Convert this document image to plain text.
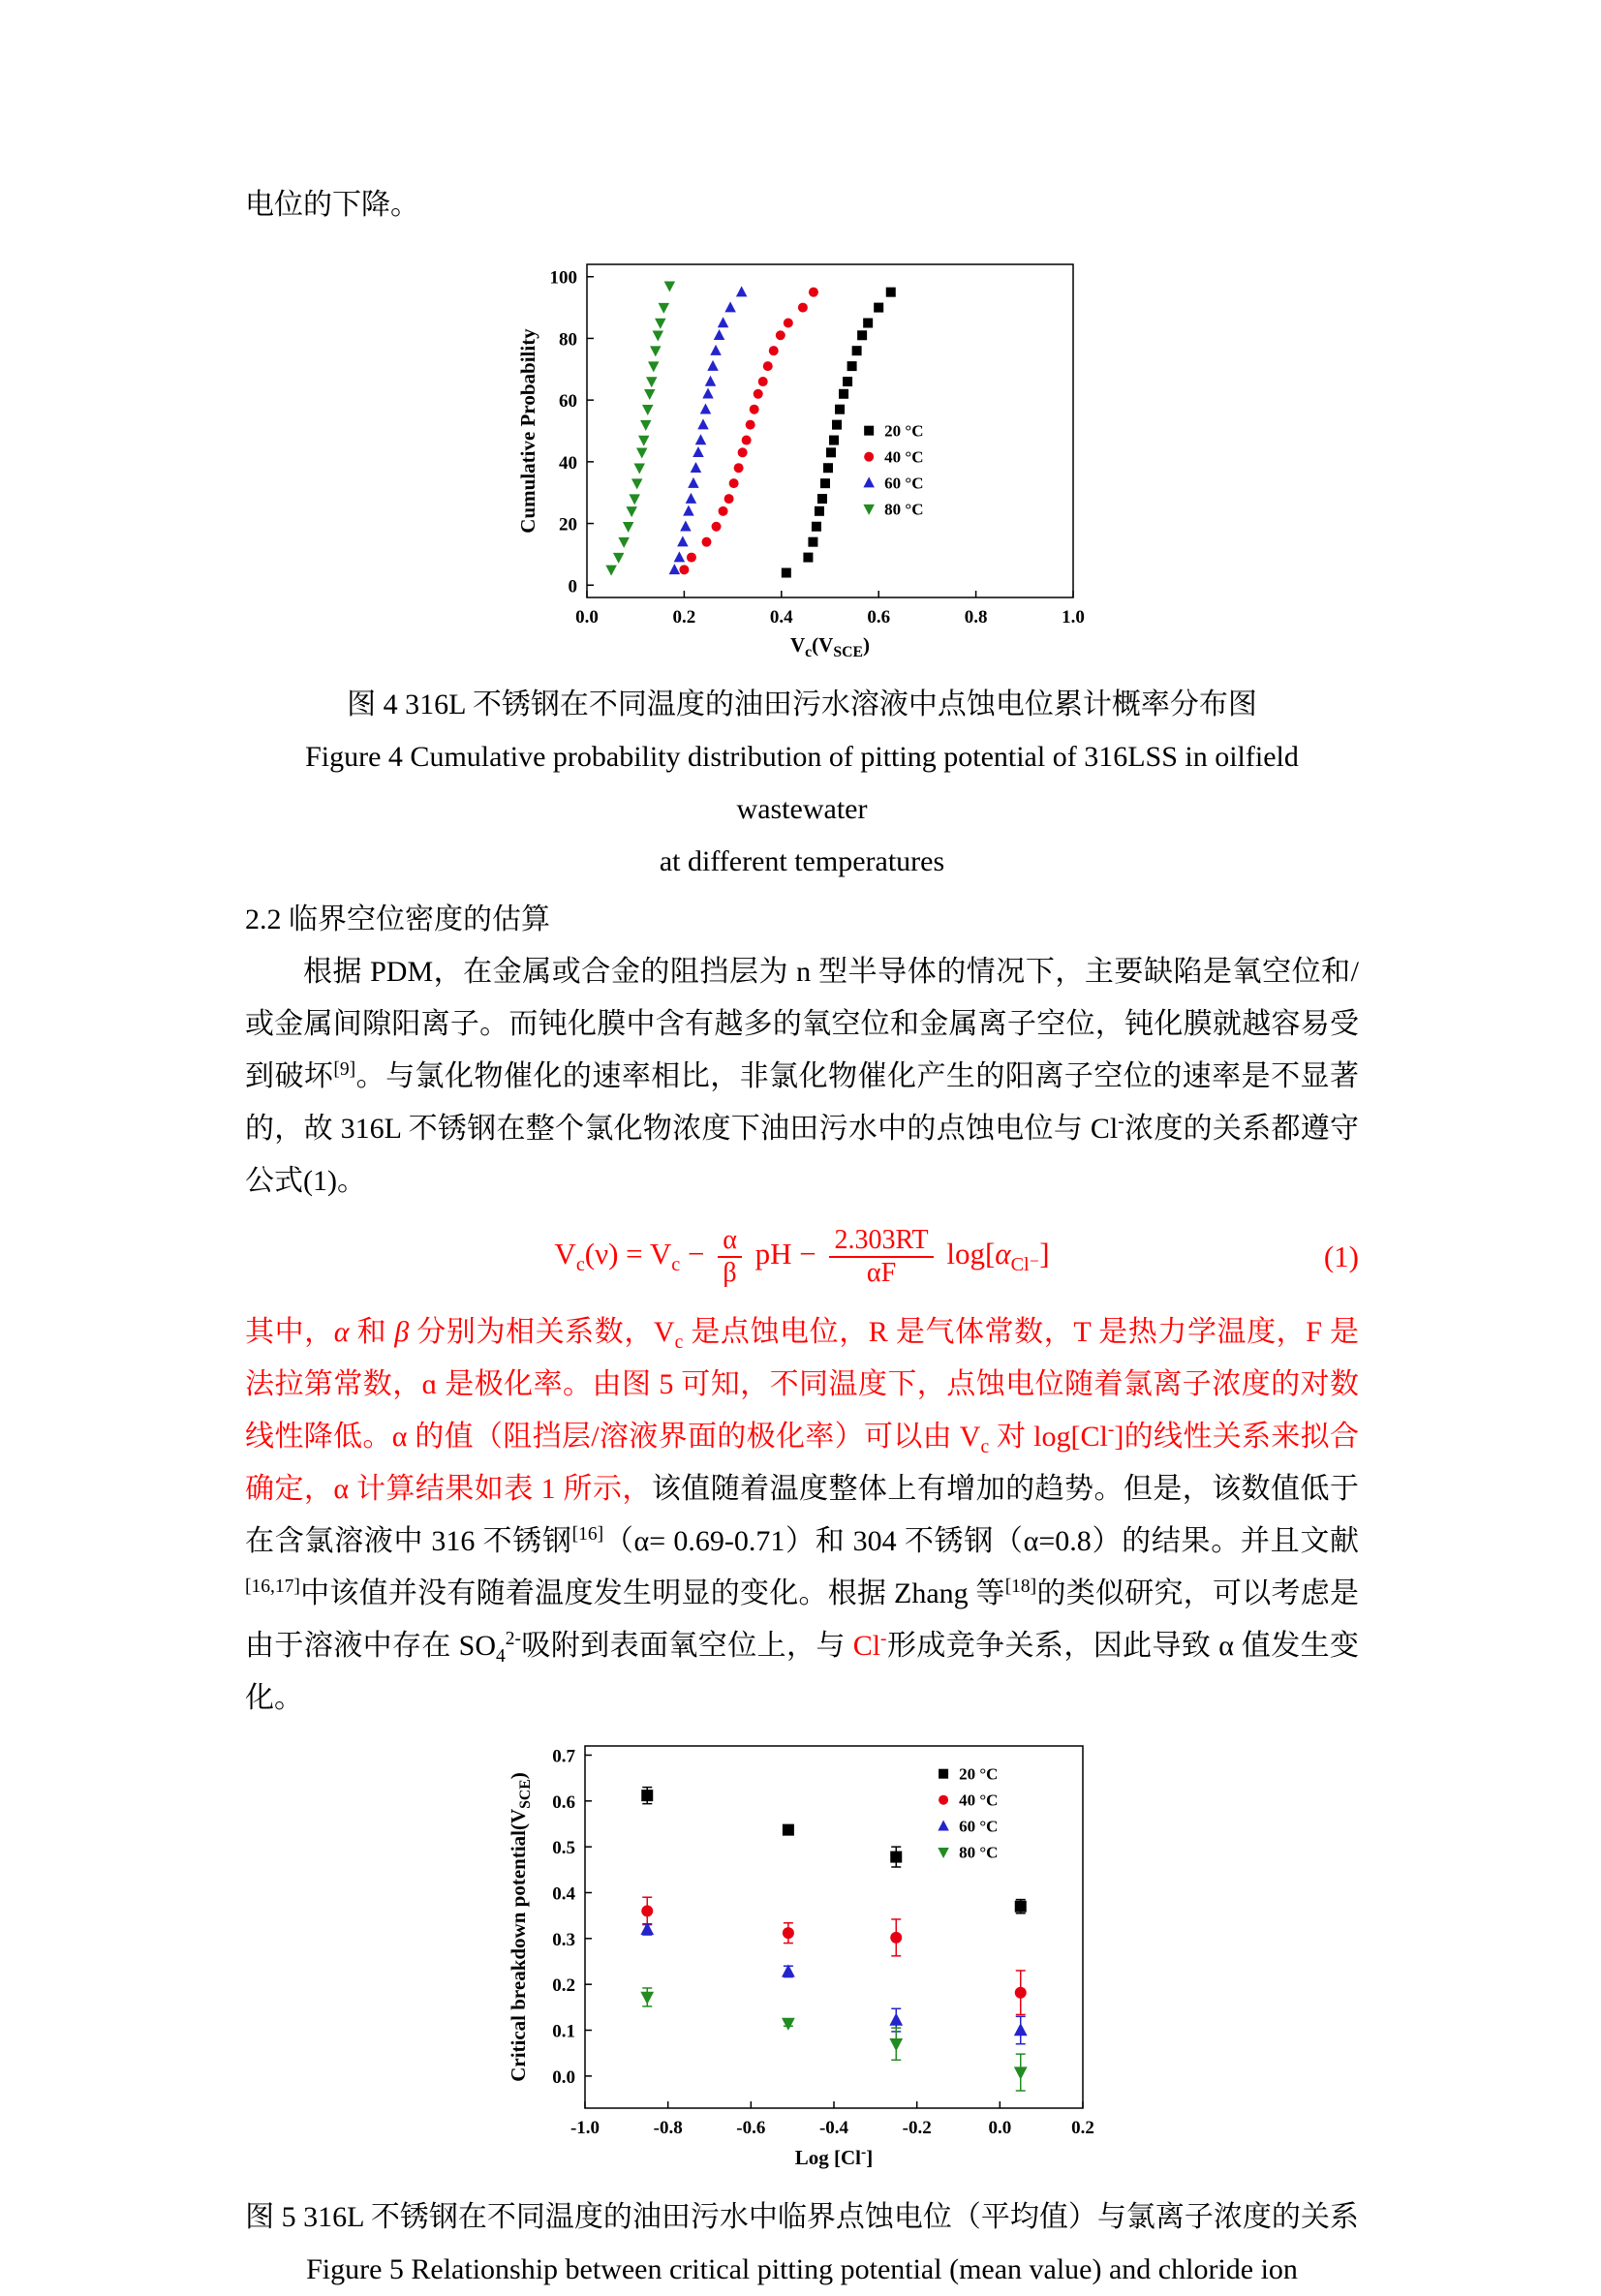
电位的下降。

0.0	0.2	0.4	0.6	0.8	1.0
0
20
40
60
80
100
$V_c(V_{SCE})$
Cumulative Probability	20 °C
40 °C
60 °C
80 °C

图 4 316L 不锈钢在不同温度的油田污水溶液中点蚀电位累计概率分布图

Figure 4 Cumulative probability distribution of pitting potential of 316LSS in oilfield wastewater

at different temperatures

2.2 临界空位密度的估算

根据 PDM，在金属或合金的阻挡层为 n 型半导体的情况下，主要缺陷是氧空位和/或金属间隙阳离子。而钝化膜中含有越多的氧空位和金属离子空位，钝化膜就越容易受到破坏[9]。与氯化物催化的速率相比，非氯化物催化产生的阳离子空位的速率是不显著的，故 316L 不锈钢在整个氯化物浓度下油田污水中的点蚀电位与 Cl-浓度的关系都遵守公式(1)。

$V_c(\nu) = V_c - \frac{\alpha}{\beta}$ pH − $\frac{2.303RT}{\alpha F} \log[\alpha_{Cl^-}]$	(1)

其中，α 和 β 分别为相关系数，$V_c$ 是点蚀电位，R 是气体常数，T 是热力学温度，F 是法拉第常数，ɑ 是极化率。由图 5 可知，不同温度下，点蚀电位随着氯离子浓度的对数线性降低。α 的值（阻挡层/溶液界面的极化率）可以由 $V_c$ 对 log[Cl-]的线性关系来拟合确定，α 计算结果如表 1 所示，该值随着温度整体上有增加的趋势。但是，该数值低于在含氯溶液中 316 不锈钢[16]（α= 0.69-0.71）和 304 不锈钢（α=0.8）的结果。并且文献[16,17]中该值并没有随着温度发生明显的变化。根据 Zhang 等[18]的类似研究，可以考虑是由于溶液中存在 $SO_4^{2-}$吸附到表面氧空位上，与 Cl-形成竞争关系，因此导致 α 值发生变化。

-1.0	-0.8	-0.6	-0.4	-0.2	0.0	0.2
0.0
0.1
0.2
0.3
0.4
0.5
0.6
0.7
Log [Cl-]
Critical breakdown $potential(V_{SCE})$	20 °C
40 °C
60 °C
80 °C

图 5 316L 不锈钢在不同温度的油田污水中临界点蚀电位（平均值）与氯离子浓度的关系

Figure 5 Relationship between critical pitting potential (mean value) and chloride ion
